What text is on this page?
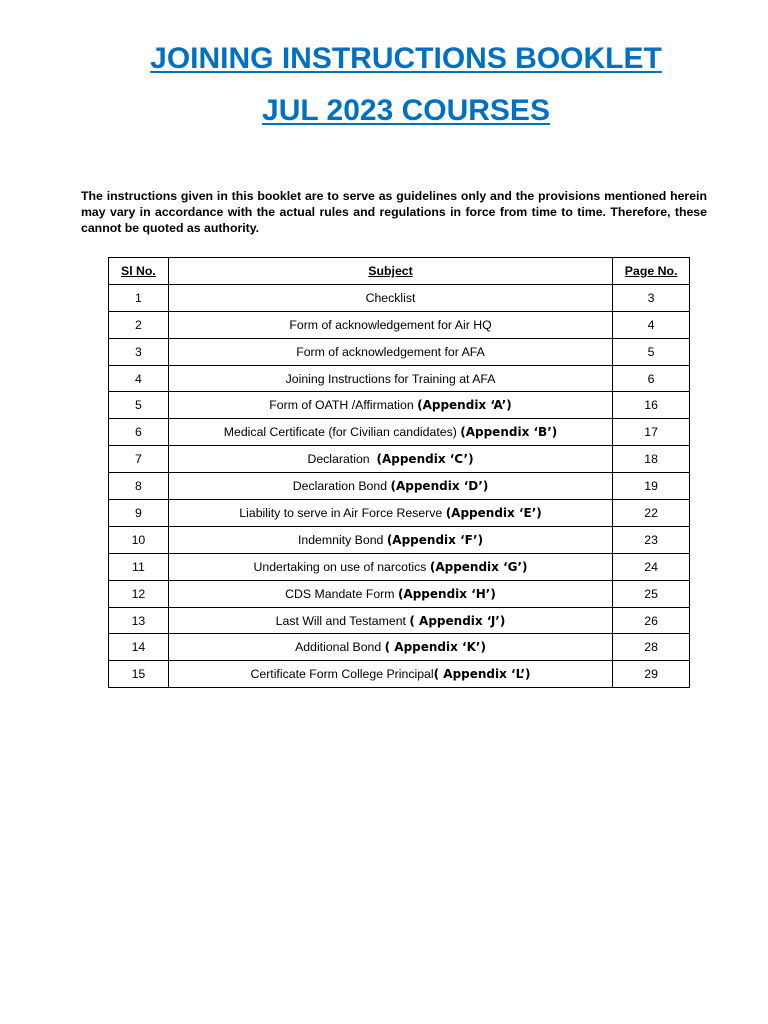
JOINING INSTRUCTIONS BOOKLET
JUL 2023 COURSES

The instructions given in this booklet are to serve as guidelines only and the provisions mentioned herein may vary in accordance with the actual rules and regulations in force from time to time. Therefore, these cannot be quoted as authority.

Sl No.	Subject	Page No.
1	Checklist	3
2	Form of acknowledgement for Air HQ	4
3	Form of acknowledgement for AFA	5
4	Joining Instructions for Training at AFA	6
5	Form of OATH /Affirmation (Appendix ‘A’)	16
6	Medical Certificate (for Civilian candidates) (Appendix ‘B’)	17
7	Declaration  (Appendix ‘C’)	18
8	Declaration Bond (Appendix ‘D’)	19
9	Liability to serve in Air Force Reserve (Appendix ‘E’)	22
10	Indemnity Bond (Appendix ‘F’)	23
11	Undertaking on use of narcotics (Appendix ‘G’)	24
12	CDS Mandate Form (Appendix ‘H’)	25
13	Last Will and Testament ( Appendix ‘J’)	26
14	Additional Bond ( Appendix ‘K’)	28
15	Certificate Form College Principal( Appendix ‘L’)	29
